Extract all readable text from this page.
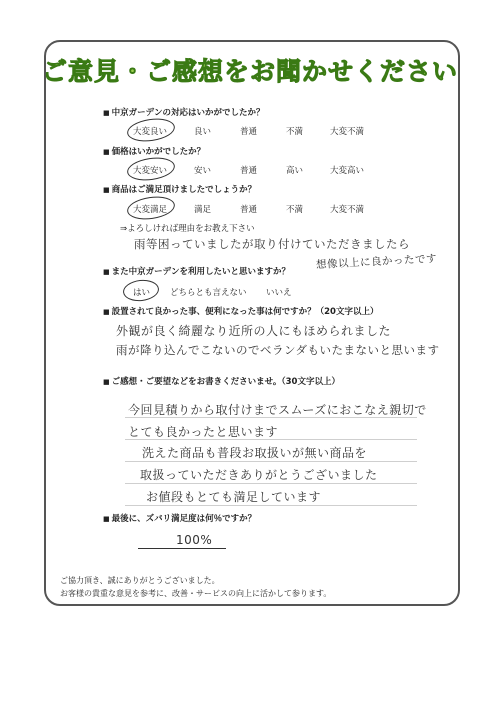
ご意見・ご感想をお聞かせください
■ 中京ガーデンの対応はいかがでしたか？
大変良い	良い	普通	不満	大変不満
■ 価格はいかがでしたか？
大変安い	安い	普通	高い	大変高い
■ 商品はご満足頂けましたでしょうか？
大変満足	満足	普通	不満	大変不満
⇒よろしければ理由をお教え下さい
雨等困っていましたが取り付けていただきましたら
想像以上に良かったです
■ また中京ガーデンを利用したいと思いますか？
はい どちらとも言えない いいえ
■ 設置されて良かった事、便利になった事は何ですか？（20文字以上）
外観が良く綺麗なり近所の人にもほめられました
雨が降り込んでこないのでベランダもいたまないと思います
■ ご感想・ご要望などをお書きくださいませ。（30文字以上）
今回見積りから取付けまでスムーズにおこなえ親切で
とても良かったと思います
洗えた商品も普段お取扱いが無い商品を
取扱っていただきありがとうございました
お値段もとても満足しています
■ 最後に、ズバリ満足度は何％ですか？
100%
ご協力頂き、誠にありがとうございました。
お客様の貴重な意見を参考に、改善・サービスの向上に活かして参ります。
